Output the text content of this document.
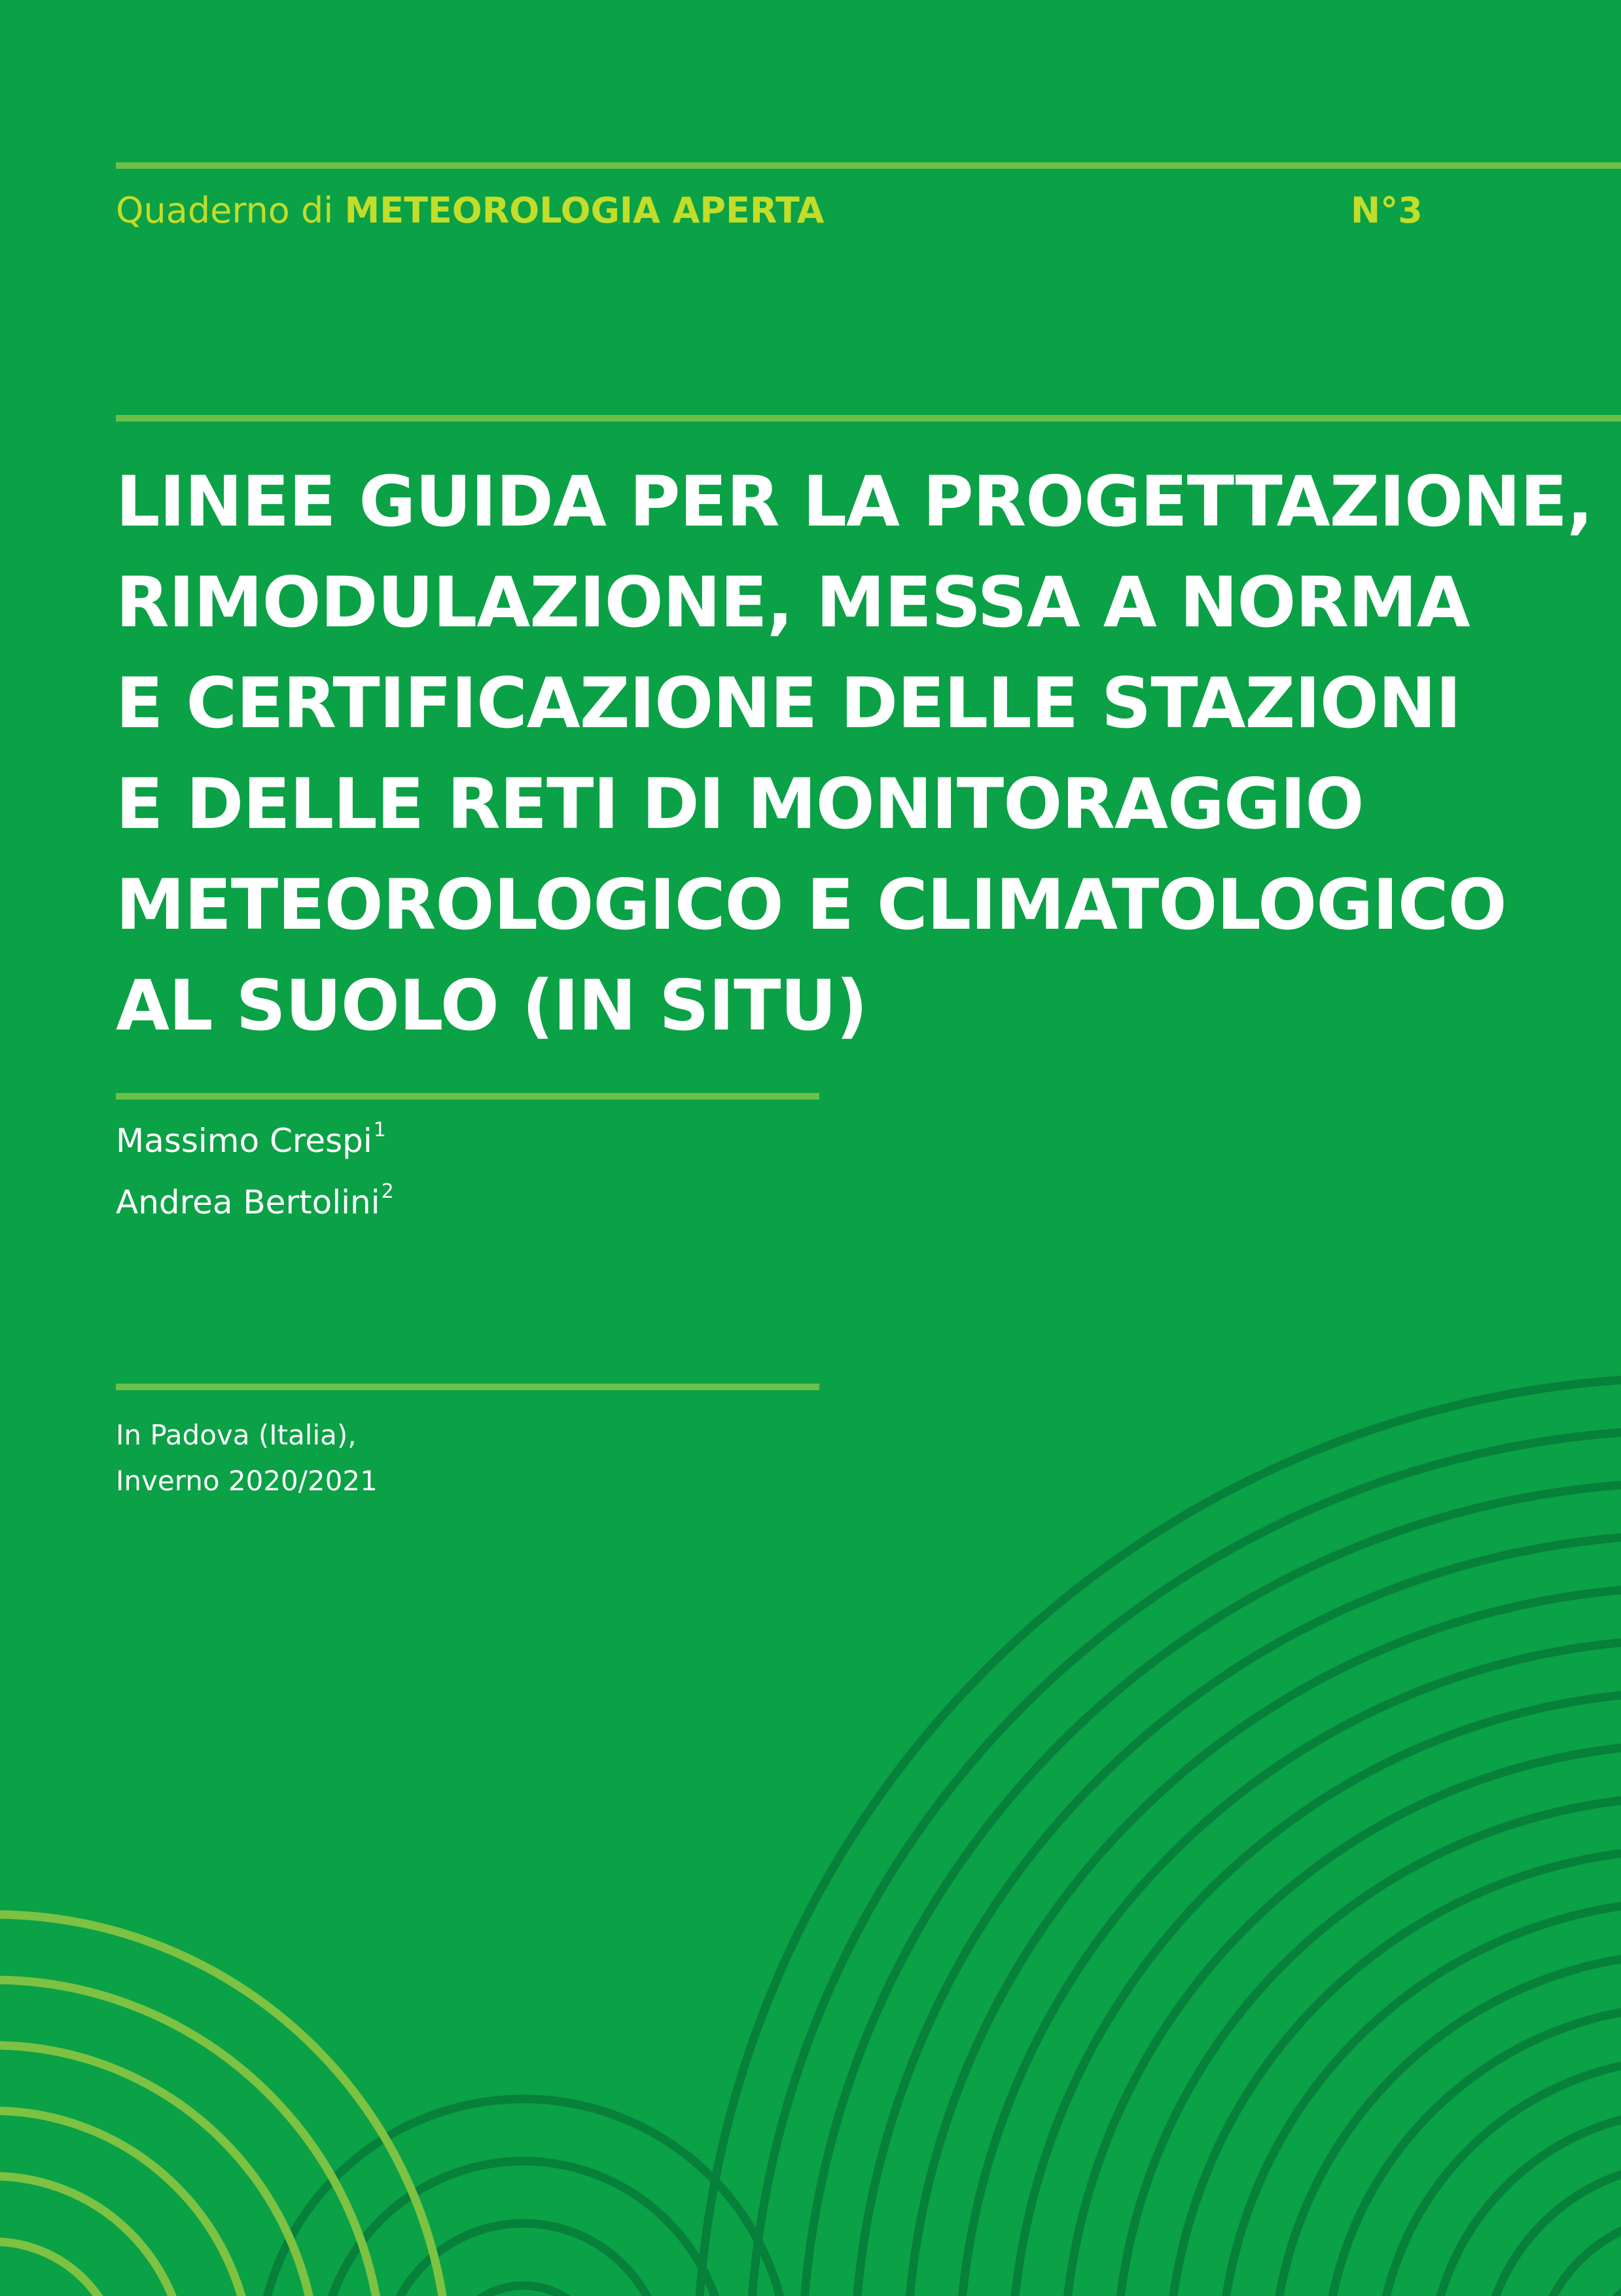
Quaderno di METEOROLOGIA APERTA	N°3
LINEE GUIDA PER LA PROGETTAZIONE,
RIMODULAZIONE, MESSA A NORMA
E CERTIFICAZIONE DELLE STAZIONI
E DELLE RETI DI MONITORAGGIO
METEOROLOGICO E CLIMATOLOGICO
AL SUOLO (IN SITU)
Massimo Crespi$^1$
Andrea Bertolini$^2$
In Padova (Italia),
Inverno 2020/2021
